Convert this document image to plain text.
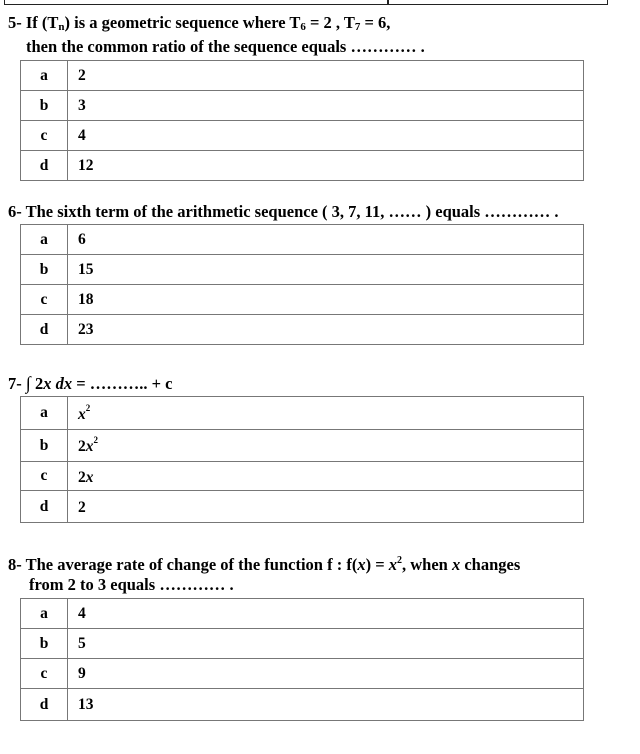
5- If (Tn) is a geometric sequence where T6 = 2 , T7 = 6,
then the common ratio of the sequence equals ………… .
a	2
b	3
c	4
d	12
6- The sixth term of the arithmetic sequence ( 3, 7, 11, …… ) equals ………… .
a	6
b	15
c	18
d	23
7- ∫ 2x dx = ……….. + c
a	$x^2$
b	$2x^2$
c	2x
d	2
8- The average rate of change of the function f : $f(x) = x^2$, when x changes
from 2 to 3 equals ………… .
a	4
b	5
c	9
d	13
